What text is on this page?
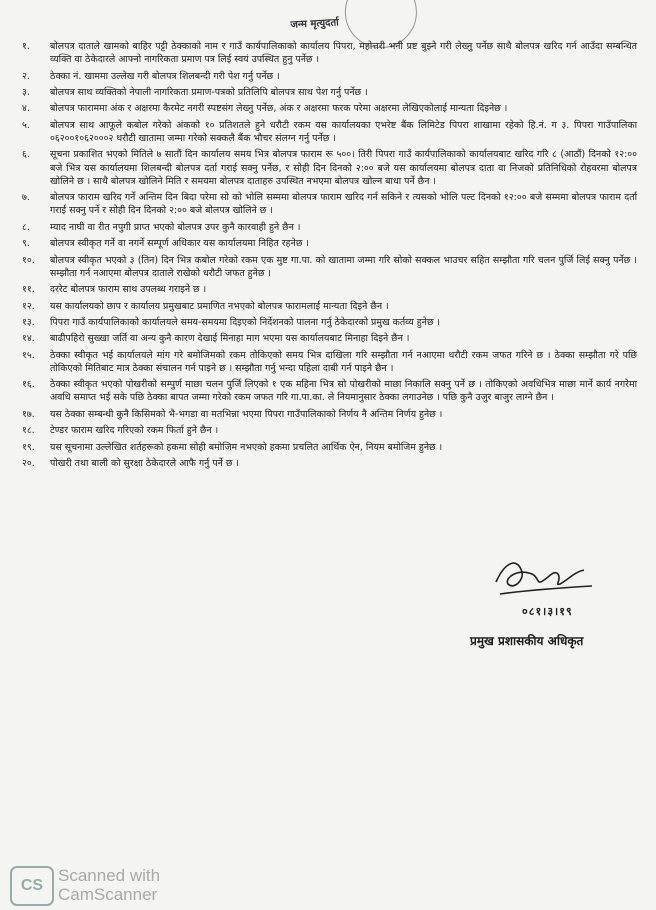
जन्म मृत्युदर्ता
१.	बोलपत्र दाताले खामको बाहिर पट्टी ठेक्काको नाम र गाउँ कार्यपालिकाको कार्यालय पिपरा, महोत्तरी भनी प्रष्ट बुझ्ने गरी लेख्नु पर्नेछ साथै बोलपत्र खरिद गर्न आउँदा सम्बन्धित व्यक्ति वा ठेकेदारले आफ्नो नागरिकता प्रमाण पत्र लिई स्वयं उपस्थित हुनु पर्नेछ ।
२.	ठेक्का नं. खाममा उल्लेख गरी बोलपत्र शिलबन्दी गरी पेश गर्नु पर्नेछ ।
३.	बोलपत्र साथ व्यक्तिको नेपाली नागरिकता प्रमाण-पत्रको प्रतिलिपि बोलपत्र साथ पेश गर्नु पर्नेछ ।
४.	बोलपत्र फाराममा अंक र अक्षरमा कैरमेट नगरी स्पष्टसंग लेख्नु पर्नेछ, अंक र अक्षरमा फरक परेमा अक्षरमा लेखिएकोलाई मान्यता दिइनेछ ।
५.	बोलपत्र साथ आफूले कबोल गरेको अंकको १० प्रतिशतले हुने धरौटी रकम यस कार्यालयका एभरेष्ट बैंक लिमिटेड पिपरा शाखामा रहेको हि.नं. ग ३. पिपरा गाउँपालिका ०६२००१०६२०००२ धरौटी खातामा जम्मा गरेको सक्कलै बैंक भौचर संलग्न गर्नु पर्नेछ ।
६.	सूचना प्रकाशित भएको मितिले ७ सातौं दिन कार्यालय समय भित्र बोलपत्र फाराम रू ५००। तिरी पिपरा गाउँ कार्यपालिकाको कार्यालयबाट खरिद गरि ८ (आठौं) दिनको १२:०० बजे भित्र यस कार्यालयमा शिलबन्दी बोलपत्र दर्ता गराई सक्नु पर्नेछ, र सोही दिन दिनको २:०० बजे यस कार्यालयमा बोलपत्र दाता वा निजको प्रतिनिधिको रोहवरमा बोलपत्र खोलिने छ । साथै बोलपत्र खोलिने मिति र समयमा बोलपत्र दाताहरु उपस्थित नभएमा बोलपत्र खोल्न बाधा पर्ने छैन ।
७.	बोलपत्र फाराम खरिद गर्ने अन्तिम दिन बिदा परेमा सो को भोलि सम्ममा बोलपत्र फाराम खरिद गर्न सकिने र त्यसको भोलि पल्ट दिनको १२:०० बजे सम्ममा बोलपत्र फाराम दर्ता गराई सक्नु पर्ने र सोही दिन दिनको २:०० बजे बोलपत्र खोलिने छ ।
८.	म्याद नाघी वा रीत नपुगी प्राप्त भएको बोलपत्र उपर कुनै कारवाही हुने छैन ।
९.	बोलपत्र स्वीकृत गर्ने वा नगर्ने सम्पूर्ण अधिकार यस कार्यालयमा निहित रहनेछ ।
१०.	बोलपत्र स्वीकृत भएको ३ (तिन) दिन भित्र कबोल गरेको रकम एक मुष्ट गा.पा. को खातामा जम्मा गरि सोको सक्कल भाउचर सहित सम्झौता गरि चलन पुर्जि लिई सक्नु पर्नेछ । सम्झौता गर्न नआएमा बोलपत्र दाताले राखेको धरौटी जफत हुनेछ ।
११.	दररेट बोलपत्र फाराम साथ उपलब्ध गराइने छ ।
१२.	यस कार्यालयको छाप र कार्यालय प्रमुखबाट प्रमाणित नभएको बोलपत्र फारामलाई मान्यता दिइने छैन ।
१३.	पिपरा गाउँ कार्यपालिकाको कार्यालयले समय-समयमा दिइएको निर्देशनको पालना गर्नु ठेकेदारको प्रमुख कर्तव्य हुनेछ ।
१४.	बाढीपहिरो सुख्खा जर्ति वा अन्य कुनै कारण देखाई मिनाहा माग भएमा यस कार्यालयबाट मिनाहा दिइने छैन ।
१५.	ठेक्का स्वीकृत भई कार्यालयले मांग गरे बमोजिमको रकम तोकिएको समय भित्र दाखिला गरि सम्झौता गर्न नआएमा धरौटी रकम जफत गरिने छ । ठेक्का सम्झौता गरे पछि तोकिएको मितिबाट मात्र ठेक्का संचालन गर्न पाइने छ । सम्झौता गर्नु भन्दा पहिला दाबी गर्न पाइने छैन ।
१६.	ठेक्का स्वीकृत भएको पोखरीको सम्पुर्ण माछा चलन पुर्जि लिएको १ एक महिना भित्र सो पोखरीको माछा निकालि सक्नु पर्ने छ । तोकिएको अवधिभित्र माछा मार्ने कार्य नगरेमा अवधि समाप्त भई सके पछि ठेक्का बापत जम्मा गरेको रकम जफत गरि गा.पा.का. ले नियमानुसार ठेक्का लगाउनेछ । पछि कुनै उजुर बाजुर लाग्ने छैन ।
१७.	यस ठेक्का सम्बन्धी कुनै किसिमको भै-भगडा वा मतभिन्ना भएमा पिपरा गाउँपालिकाको निर्णय नै अन्तिम निर्णय हुनेछ ।
१८.	टेण्डर फाराम खरिद गरिएको रकम फिर्ता हुने छैन ।
१९.	यस सूचनामा उल्लेखित शर्तहरूको हकमा सोही बमोजिम नभएको हकमा प्रचलित आर्थिक ऐन, नियम बमोजिम हुनेछ ।
२०.	पोखरी तथा बाली को सुरक्षा ठेकेदारले आफै गर्नु पर्ने छ ।
०८१।३।१९
प्रमुख प्रशासकीय अधिकृत
CS
Scanned with
CamScanner
